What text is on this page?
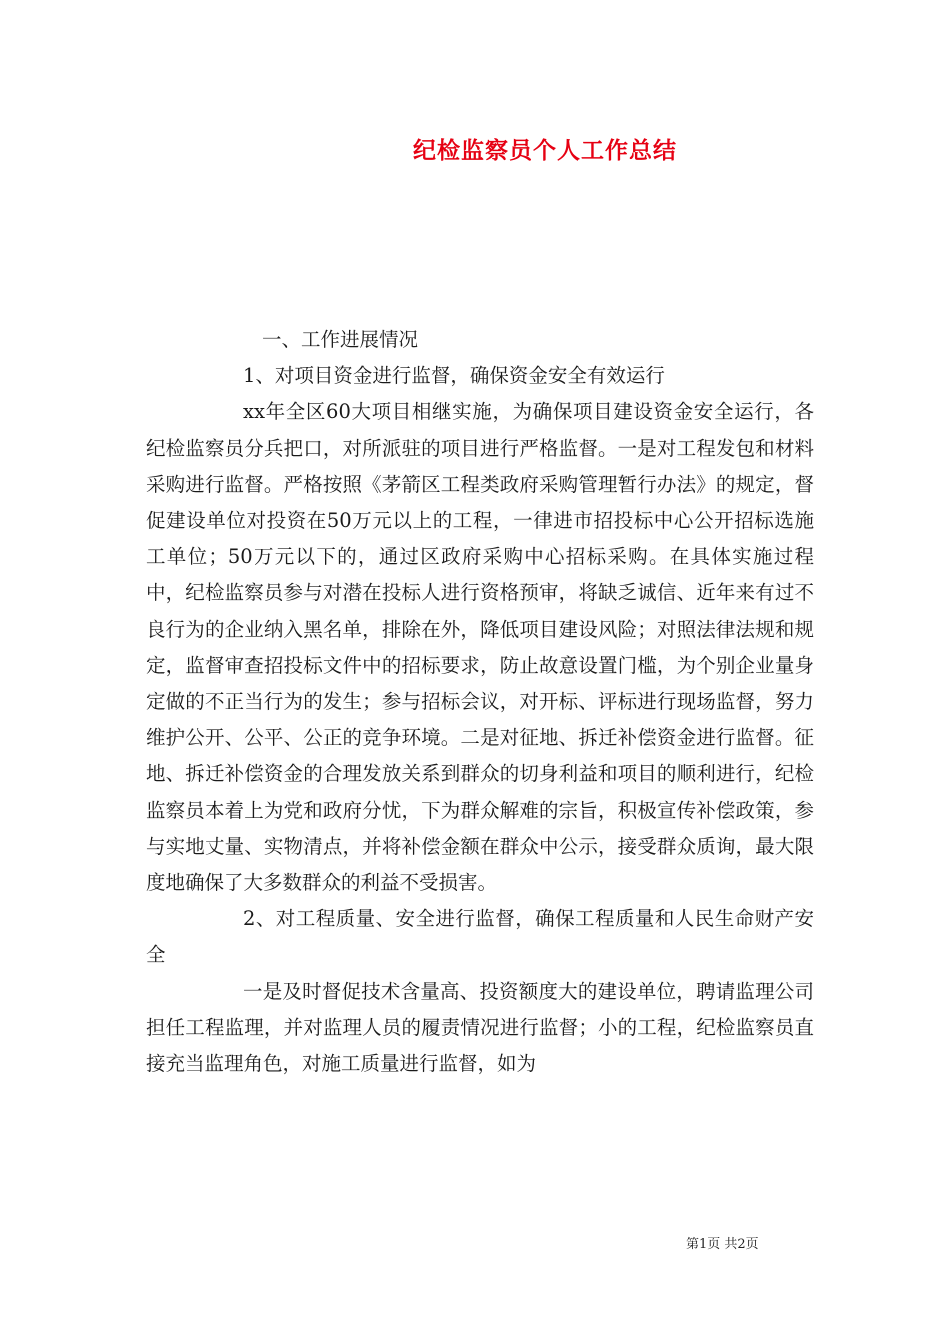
纪检监察员个人工作总结

一、工作进展情况

1、对项目资金进行监督，确保资金安全有效运行

xx年全区60大项目相继实施，为确保项目建设资金安全运行，各纪检监察员分兵把口，对所派驻的项目进行严格监督。一是对工程发包和材料采购进行监督。严格按照《茅箭区工程类政府采购管理暂行办法》的规定，督促建设单位对投资在50万元以上的工程，一律进市招投标中心公开招标选施工单位；50万元以下的，通过区政府采购中心招标采购。在具体实施过程中，纪检监察员参与对潜在投标人进行资格预审，将缺乏诚信、近年来有过不良行为的企业纳入黑名单，排除在外，降低项目建设风险；对照法律法规和规定，监督审查招投标文件中的招标要求，防止故意设置门槛，为个别企业量身定做的不正当行为的发生；参与招标会议，对开标、评标进行现场监督，努力维护公开、公平、公正的竞争环境。二是对征地、拆迁补偿资金进行监督。征地、拆迁补偿资金的合理发放关系到群众的切身利益和项目的顺利进行，纪检监察员本着上为党和政府分忧，下为群众解难的宗旨，积极宣传补偿政策，参与实地丈量、实物清点，并将补偿金额在群众中公示，接受群众质询，最大限度地确保了大多数群众的利益不受损害。

2、对工程质量、安全进行监督，确保工程质量和人民生命财产安全

一是及时督促技术含量高、投资额度大的建设单位，聘请监理公司担任工程监理，并对监理人员的履责情况进行监督；小的工程，纪检监察员直接充当监理角色，对施工质量进行监督，如为

第1页 共2页
